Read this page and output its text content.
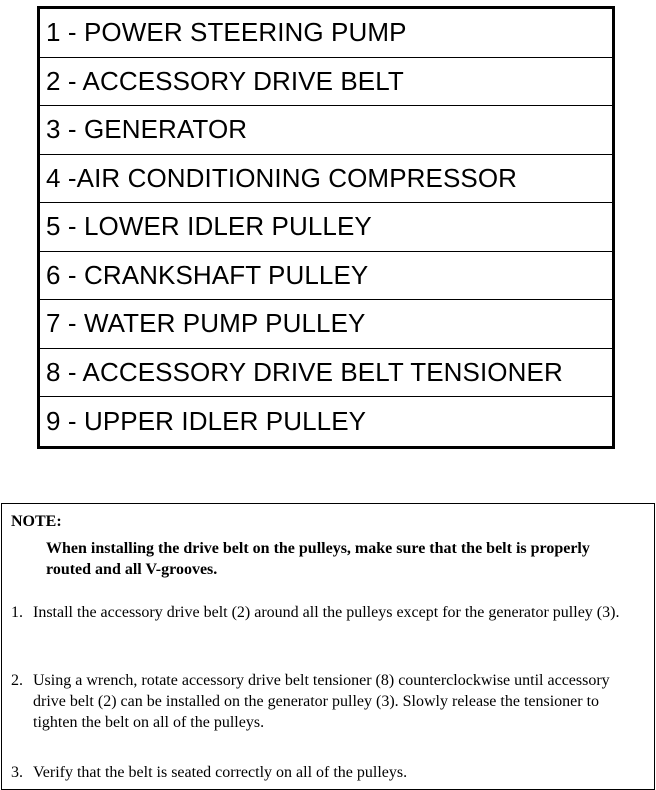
1 - POWER STEERING PUMP
2 - ACCESSORY DRIVE BELT
3 - GENERATOR
4 -AIR CONDITIONING COMPRESSOR
5 - LOWER IDLER PULLEY
6 - CRANKSHAFT PULLEY
7 - WATER PUMP PULLEY
8 - ACCESSORY DRIVE BELT TENSIONER
9 - UPPER IDLER PULLEY
NOTE:
When installing the drive belt on the pulleys, make sure that the belt is properly routed and all V-grooves.
1. Install the accessory drive belt (2) around all the pulleys except for the generator pulley (3).
2. Using a wrench, rotate accessory drive belt tensioner (8) counterclockwise until accessory drive belt (2) can be installed on the generator pulley (3). Slowly release the tensioner to tighten the belt on all of the pulleys.
3. Verify that the belt is seated correctly on all of the pulleys.
